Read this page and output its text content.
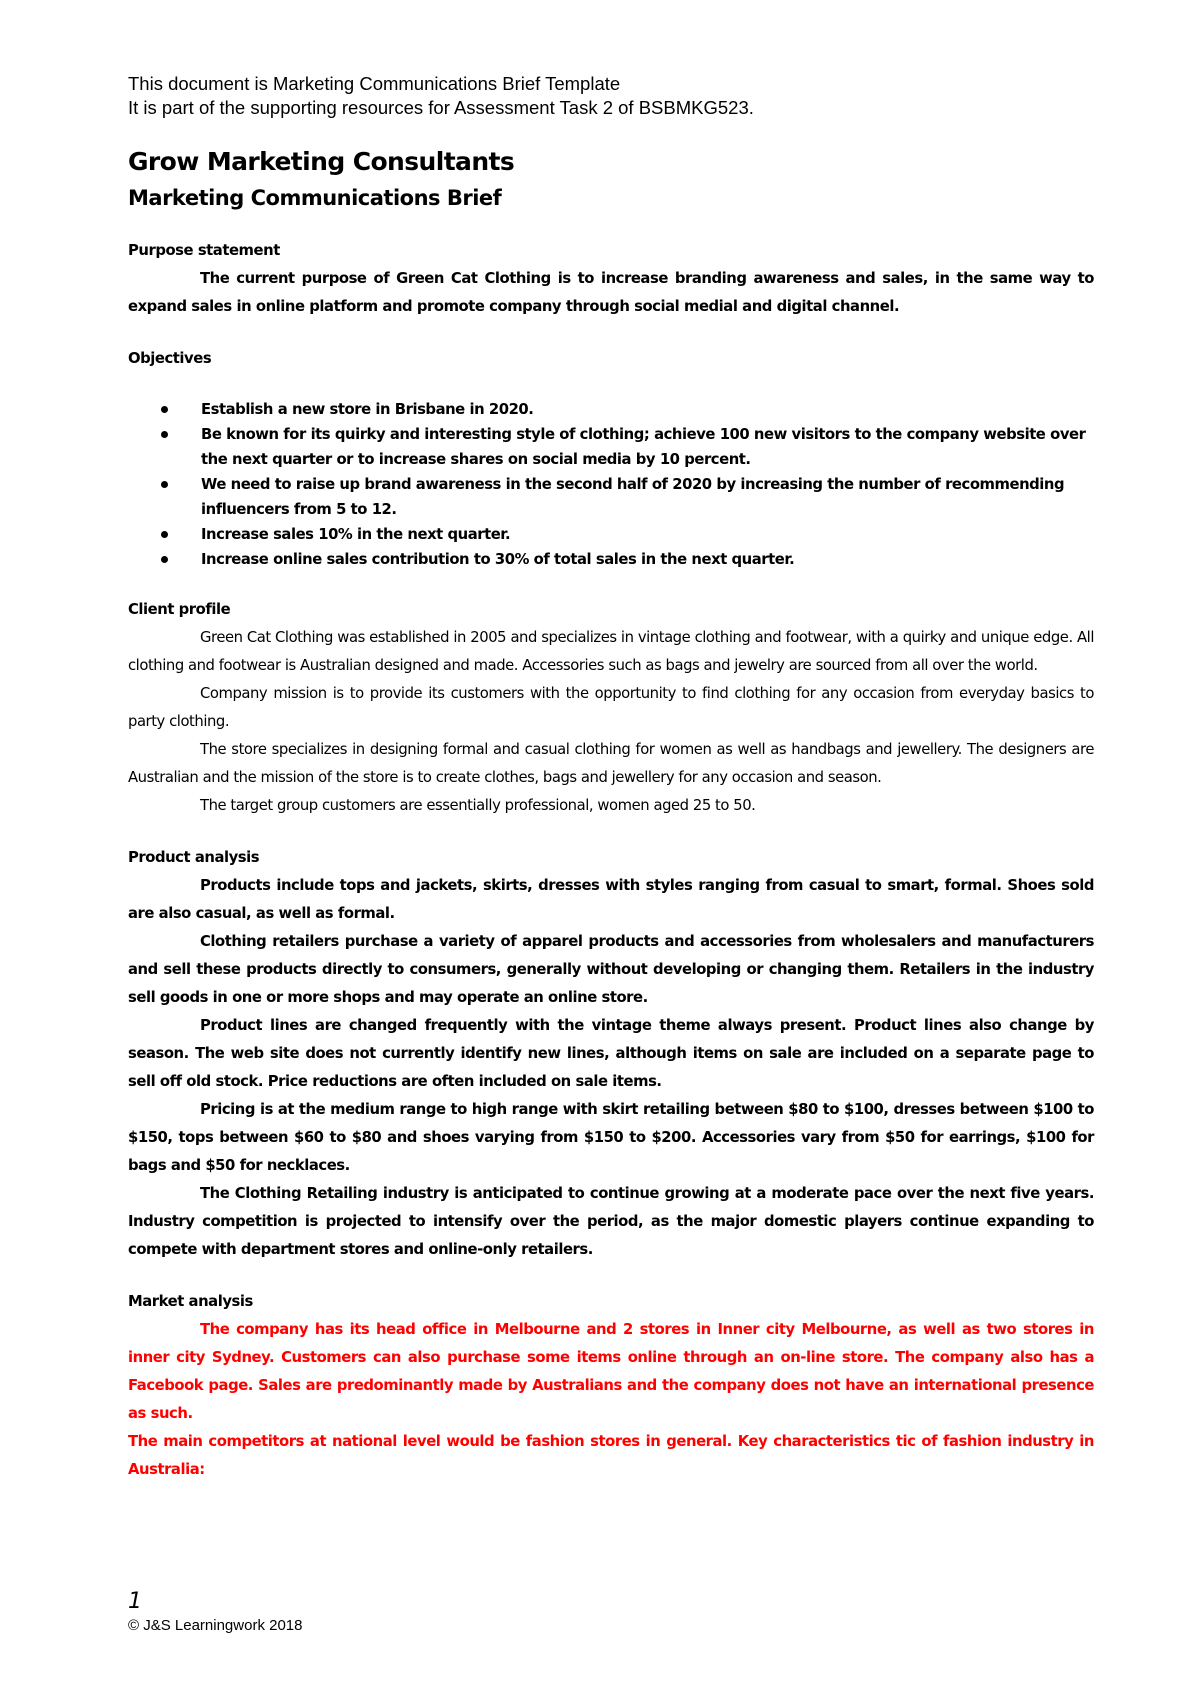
This document is Marketing Communications Brief Template
It is part of the supporting resources for Assessment Task 2 of BSBMKG523.
Grow Marketing Consultants
Marketing Communications Brief
Purpose statement

The current purpose of Green Cat Clothing is to increase branding awareness and sales, in the same way to expand sales in online platform and promote company through social medial and digital channel.

Objectives
Establish a new store in Brisbane in 2020.
Be known for its quirky and interesting style of clothing; achieve 100 new visitors to the company website over the next quarter or to increase shares on social media by 10 percent.
We need to raise up brand awareness in the second half of 2020 by increasing the number of recommending influencers from 5 to 12.
Increase sales 10% in the next quarter.
Increase online sales contribution to 30% of total sales in the next quarter.
Client profile

Green Cat Clothing was established in 2005 and specializes in vintage clothing and footwear, with a quirky and unique edge. All clothing and footwear is Australian designed and made. Accessories such as bags and jewelry are sourced from all over the world.

Company mission is to provide its customers with the opportunity to find clothing for any occasion from everyday basics to party clothing.

The store specializes in designing formal and casual clothing for women as well as handbags and jewellery. The designers are Australian and the mission of the store is to create clothes, bags and jewellery for any occasion and season.

The target group customers are essentially professional, women aged 25 to 50.

Product analysis

Products include tops and jackets, skirts, dresses with styles ranging from casual to smart, formal. Shoes sold are also casual, as well as formal.

Clothing retailers purchase a variety of apparel products and accessories from wholesalers and manufacturers and sell these products directly to consumers, generally without developing or changing them. Retailers in the industry sell goods in one or more shops and may operate an online store.

Product lines are changed frequently with the vintage theme always present. Product lines also change by season. The web site does not currently identify new lines, although items on sale are included on a separate page to sell off old stock. Price reductions are often included on sale items.

Pricing is at the medium range to high range with skirt retailing between $80 to $100, dresses between $100 to $150, tops between $60 to $80 and shoes varying from $150 to $200. Accessories vary from $50 for earrings, $100 for bags and $50 for necklaces.

The Clothing Retailing industry is anticipated to continue growing at a moderate pace over the next five years. Industry competition is projected to intensify over the period, as the major domestic players continue expanding to compete with department stores and online-only retailers.

Market analysis

The company has its head office in Melbourne and 2 stores in Inner city Melbourne, as well as two stores in inner city Sydney. Customers can also purchase some items online through an on-line store. The company also has a Facebook page. Sales are predominantly made by Australians and the company does not have an international presence as such.

The main competitors at national level would be fashion stores in general. Key characteristics tic of fashion industry in Australia:

1
© J&S Learningwork 2018
